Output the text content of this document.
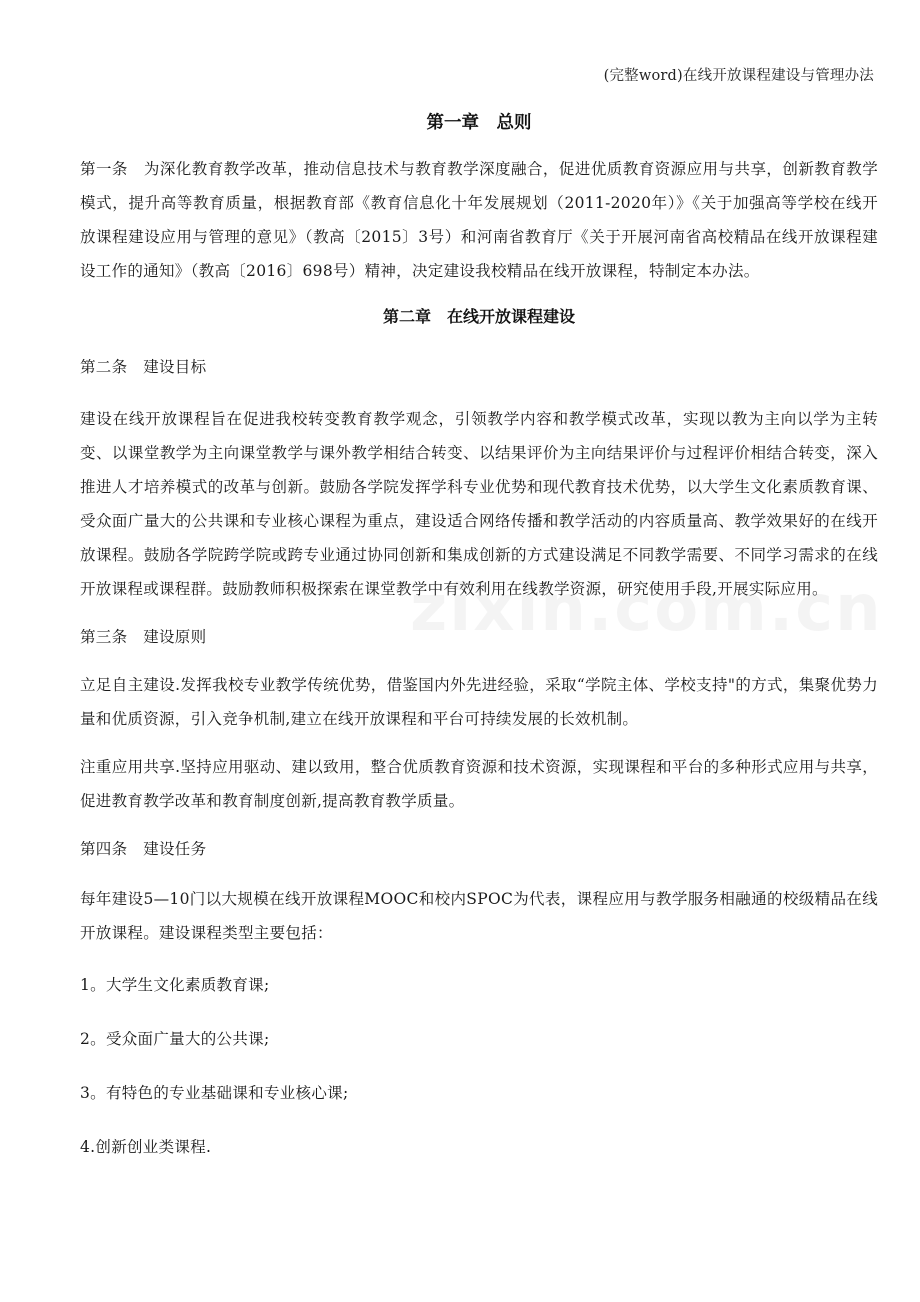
(完整word)在线开放课程建设与管理办法
第一章　总则

第一条　为深化教育教学改革，推动信息技术与教育教学深度融合，促进优质教育资源应用与共享，创新教育教学模式，提升高等教育质量，根据教育部《教育信息化十年发展规划（2011-2020年）》《关于加强高等学校在线开放课程建设应用与管理的意见》（教高〔2015〕3号）和河南省教育厅《关于开展河南省高校精品在线开放课程建设工作的通知》（教高〔2016〕698号）精神，决定建设我校精品在线开放课程，特制定本办法。

第二章　在线开放课程建设

第二条　建设目标

建设在线开放课程旨在促进我校转变教育教学观念，引领教学内容和教学模式改革，实现以教为主向以学为主转变、以课堂教学为主向课堂教学与课外教学相结合转变、以结果评价为主向结果评价与过程评价相结合转变，深入推进人才培养模式的改革与创新。鼓励各学院发挥学科专业优势和现代教育技术优势，以大学生文化素质教育课、受众面广量大的公共课和专业核心课程为重点，建设适合网络传播和教学活动的内容质量高、教学效果好的在线开放课程。鼓励各学院跨学院或跨专业通过协同创新和集成创新的方式建设满足不同教学需要、不同学习需求的在线开放课程或课程群。鼓励教师积极探索在课堂教学中有效利用在线教学资源，研究使用手段,开展实际应用。

第三条　建设原则

立足自主建设.发挥我校专业教学传统优势，借鉴国内外先进经验，采取“学院主体、学校支持"的方式，集聚优势力量和优质资源，引入竞争机制,建立在线开放课程和平台可持续发展的长效机制。

注重应用共享.坚持应用驱动、建以致用，整合优质教育资源和技术资源，实现课程和平台的多种形式应用与共享，促进教育教学改革和教育制度创新,提高教育教学质量。

第四条　建设任务

每年建设5—10门以大规模在线开放课程MOOC和校内SPOC为代表，课程应用与教学服务相融通的校级精品在线开放课程。建设课程类型主要包括：

1。大学生文化素质教育课;

2。受众面广量大的公共课;

3。有特色的专业基础课和专业核心课;

4.创新创业类课程.
